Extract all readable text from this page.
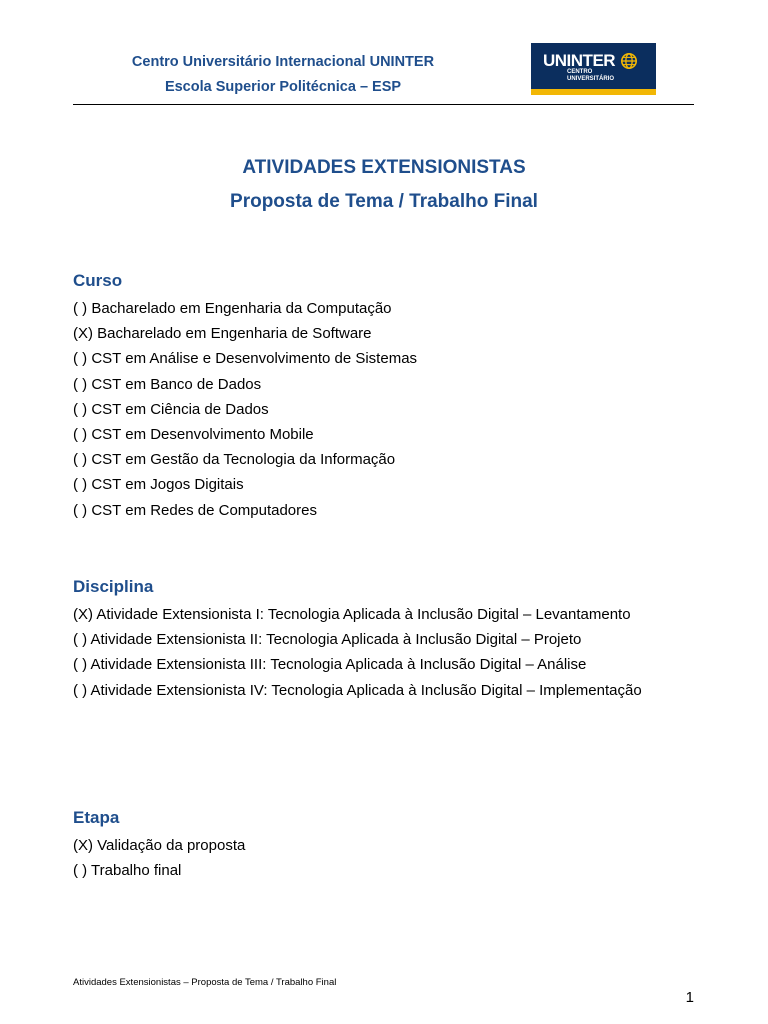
Centro Universitário Internacional UNINTER
Escola Superior Politécnica – ESP
UNINTER
CENTRO
UNIVERSITÁRIO
ATIVIDADES EXTENSIONISTAS
Proposta de Tema / Trabalho Final
Curso
( ) Bacharelado em Engenharia da Computação
(X) Bacharelado em Engenharia de Software
( ) CST em Análise e Desenvolvimento de Sistemas
( ) CST em Banco de Dados
( ) CST em Ciência de Dados
( ) CST em Desenvolvimento Mobile
( ) CST em Gestão da Tecnologia da Informação
( ) CST em Jogos Digitais
( ) CST em Redes de Computadores
Disciplina
(X) Atividade Extensionista I: Tecnologia Aplicada à Inclusão Digital – Levantamento
( ) Atividade Extensionista II: Tecnologia Aplicada à Inclusão Digital – Projeto
( ) Atividade Extensionista III: Tecnologia Aplicada à Inclusão Digital – Análise
( ) Atividade Extensionista IV: Tecnologia Aplicada à Inclusão Digital – Implementação
Etapa
(X) Validação da proposta
( ) Trabalho final
Atividades Extensionistas – Proposta de Tema / Trabalho Final
1
